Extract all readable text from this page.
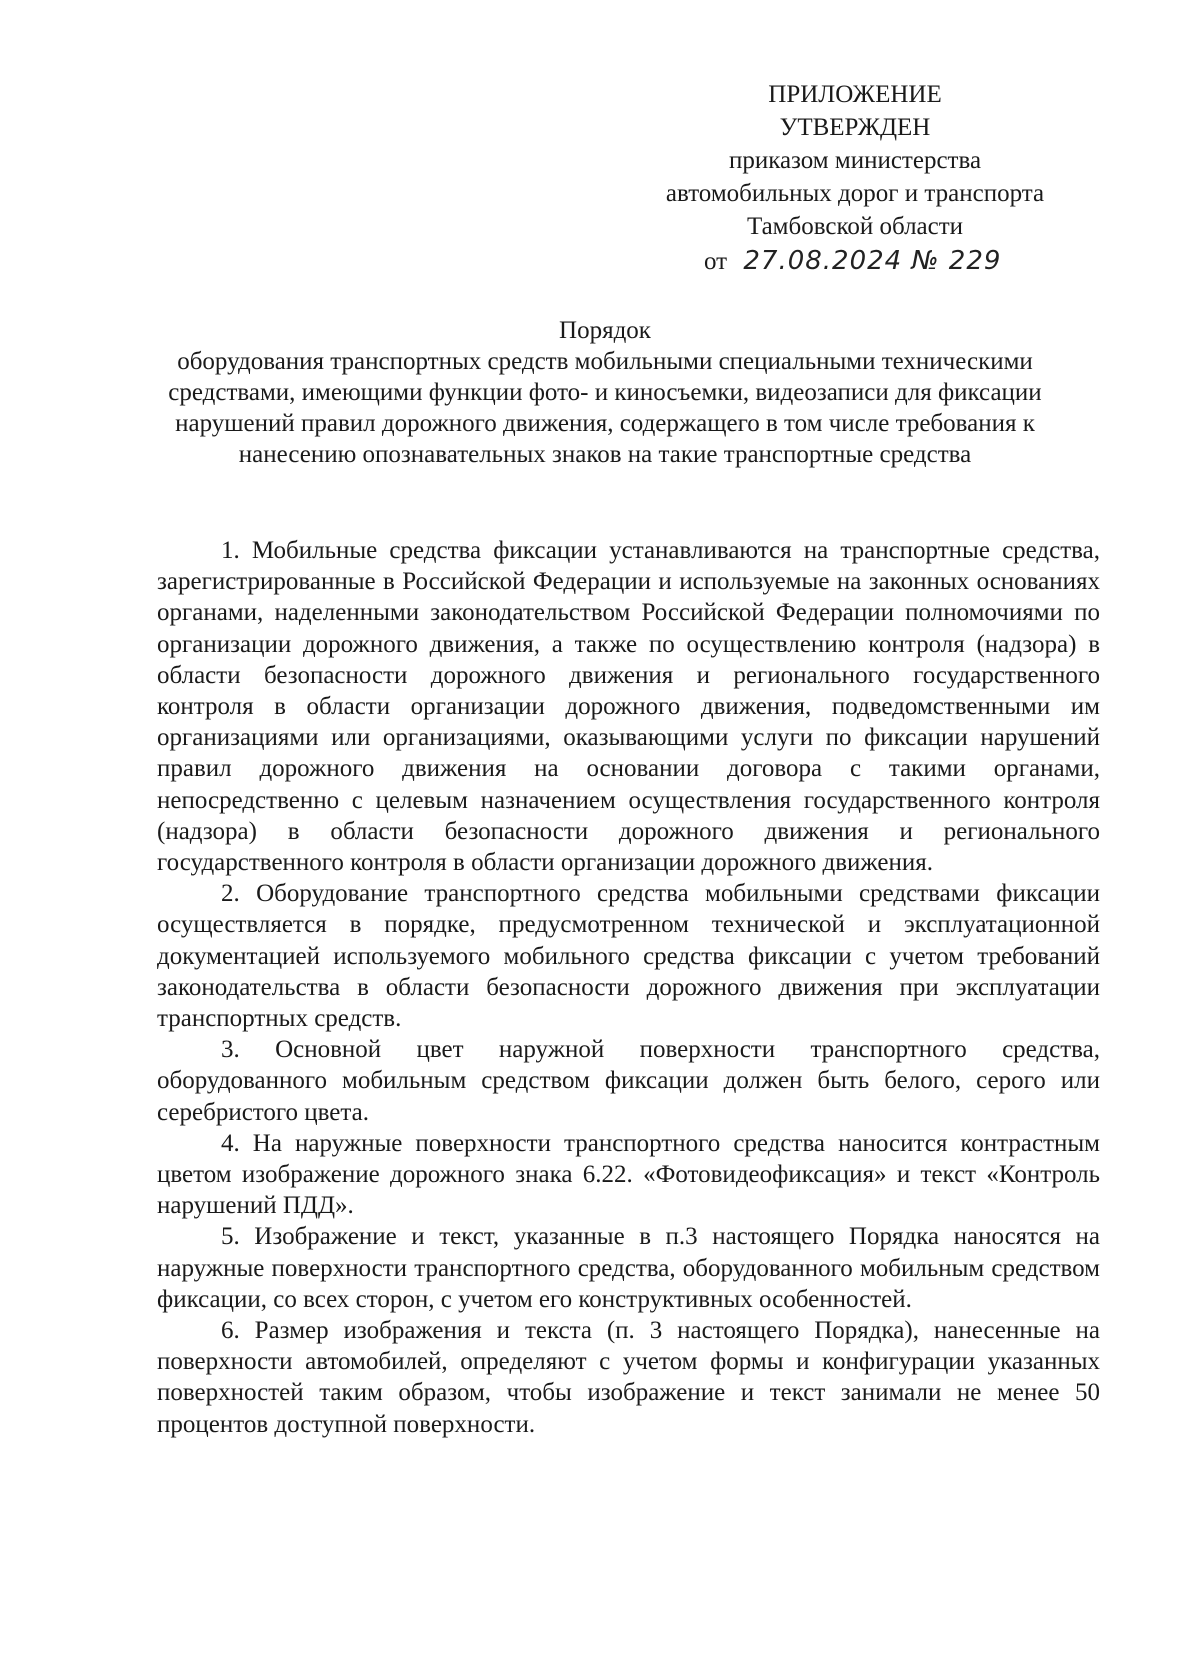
ПРИЛОЖЕНИЕ
УТВЕРЖДЕН
приказом министерства
автомобильных дорог и транспорта
Тамбовской области
от 27.08.2024 № 229
Порядок
оборудования транспортных средств мобильными специальными техническими средствами, имеющими функции фото- и киносъемки, видеозаписи для фиксации нарушений правил дорожного движения, содержащего в том числе требования к нанесению опознавательных знаков на такие транспортные средства

1. Мобильные средства фиксации устанавливаются на транспортные средства, зарегистрированные в Российской Федерации и используемые на законных основаниях органами, наделенными законодательством Российской Федерации полномочиями по организации дорожного движения, а также по осуществлению контроля (надзора) в области безопасности дорожного движения и регионального государственного контроля в области организации дорожного движения, подведомственными им организациями или организациями, оказывающими услуги по фиксации нарушений правил дорожного движения на основании договора с такими органами, непосредственно с целевым назначением осуществления государственного контроля (надзора) в области безопасности дорожного движения и регионального государственного контроля в области организации дорожного движения.

2. Оборудование транспортного средства мобильными средствами фиксации осуществляется в порядке, предусмотренном технической и эксплуатационной документацией используемого мобильного средства фиксации с учетом требований законодательства в области безопасности дорожного движения при эксплуатации транспортных средств.

3. Основной цвет наружной поверхности транспортного средства, оборудованного мобильным средством фиксации должен быть белого, серого или серебристого цвета.

4. На наружные поверхности транспортного средства наносится контрастным цветом изображение дорожного знака 6.22. «Фотовидеофиксация» и текст «Контроль нарушений ПДД».

5. Изображение и текст, указанные в п.3 настоящего Порядка наносятся на наружные поверхности транспортного средства, оборудованного мобильным средством фиксации, со всех сторон, с учетом его конструктивных особенностей.

6. Размер изображения и текста (п. 3 настоящего Порядка), нанесенные на поверхности автомобилей, определяют с учетом формы и конфигурации указанных поверхностей таким образом, чтобы изображение и текст занимали не менее 50 процентов доступной поверхности.
